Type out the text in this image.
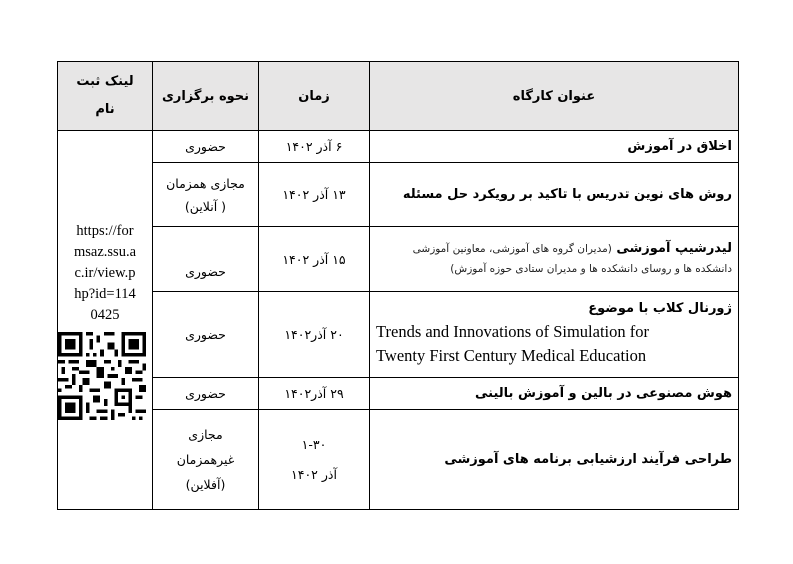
عنوان کارگاه	زمان	نحوه برگزاری	لینک ثبت
نام
اخلاق در آموزش	۶ آذر ۱۴۰۲	حضوری	https://for
msaz.ssu.a
c.ir/view.p
hp?id=114
0425

روش های نوین تدریس با تاکید بر رویکرد حل مسئله	۱۳ آذر ۱۴۰۲	مجازی همزمان
( آنلاین)	
لیدرشیپ آموزشی (مدیران گروه های آموزشی، معاونین آموزشی دانشکده ها و روسای دانشکده ها و مدیران ستادی حوزه آموزش)	۱۵ آذر ۱۴۰۲	حضوری	

ژورنال کلاب با موضوع
Trends and Innovations of Simulation for
Twenty First Century Medical Education	۲۰ آذر۱۴۰۲	حضوری	
هوش مصنوعی در بالین و آموزش بالینی	۲۹ آذر۱۴۰۲	حضوری	
طراحی فرآیند ارزشیابی برنامه های آموزشی	۱-۳۰
آذر ۱۴۰۲	مجازی
غیرهمزمان
(آفلاین)	
